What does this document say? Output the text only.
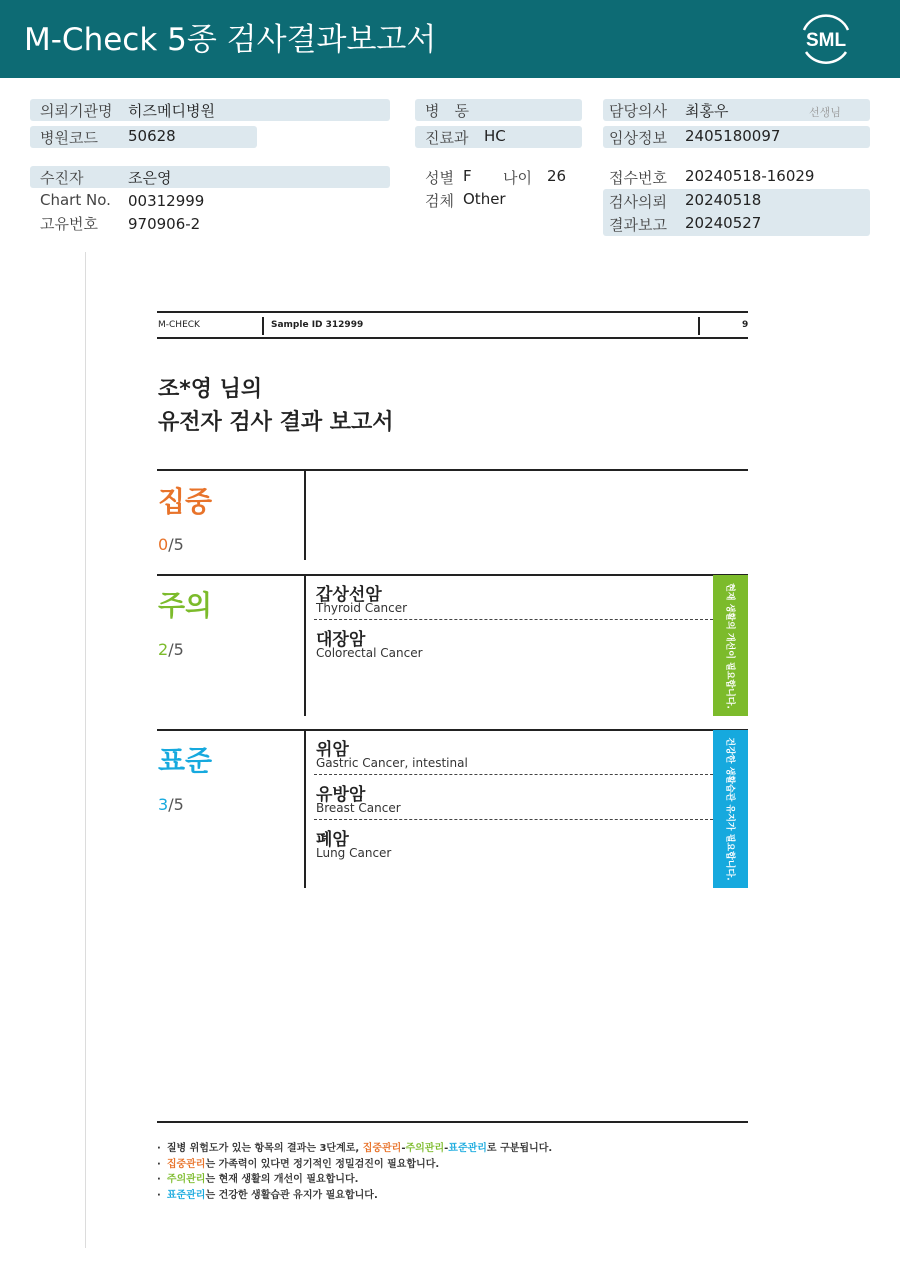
M-Check 5종 검사결과보고서	SML
의뢰기관명 히즈메디병원
병원코드 50628
수진자	조은영
Chart No. 00312999
고유번호 970906-2
병　동
진료과 HC
성별 F 나이 26
검체 Other
담당의사 최홍우	선생님
임상정보 2405180097
접수번호 20240518-16029
검사의뢰 20240518
결과보고 20240527
M-CHECK	Sample ID 312999	9
조*영 님의
유전자 검사 결과 보고서
집중
0/5
주의
2/5
갑상선암
Thyroid Cancer
대장암
Colorectal Cancer	현재 생활의 개선이 필요합니다.
표준
3/5
위암
Gastric Cancer, intestinal
유방암
Breast Cancer
폐암
Lung Cancer	건강한 생활습관 유지가 필요합니다.
· 질병 위험도가 있는 항목의 결과는 3단계로, 집중관리-주의관리-표준관리로 구분됩니다.
· 집중관리는 가족력이 있다면 정기적인 정밀검진이 필요합니다.
· 주의관리는 현재 생활의 개선이 필요합니다.
· 표준관리는 건강한 생활습관 유지가 필요합니다.
